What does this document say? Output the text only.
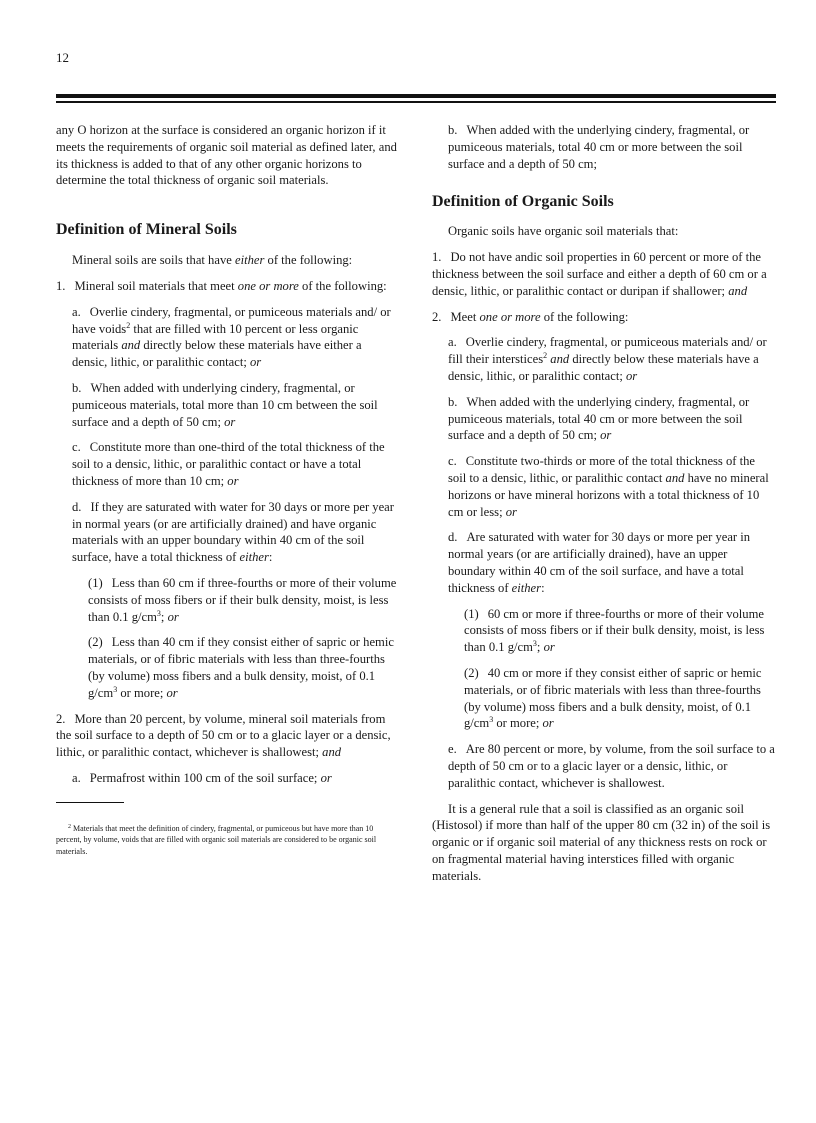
12

any O horizon at the surface is considered an organic horizon if it meets the requirements of organic soil material as defined later, and its thickness is added to that of any other organic horizons to determine the total thickness of organic soil materials.

Definition of Mineral Soils

Mineral soils are soils that have either of the following:

1. Mineral soil materials that meet one or more of the following:

a. Overlie cindery, fragmental, or pumiceous materials and/ or have voids$^2$ that are filled with 10 percent or less organic materials and directly below these materials have either a densic, lithic, or paralithic contact; or

b. When added with underlying cindery, fragmental, or pumiceous materials, total more than 10 cm between the soil surface and a depth of 50 cm; or

c. Constitute more than one-third of the total thickness of the soil to a densic, lithic, or paralithic contact or have a total thickness of more than 10 cm; or

d. If they are saturated with water for 30 days or more per year in normal years (or are artificially drained) and have organic materials with an upper boundary within 40 cm of the soil surface, have a total thickness of either:

(1) Less than 60 cm if three-fourths or more of their volume consists of moss fibers or if their bulk density, moist, is less than 0.1 $g/cm^3$; or

(2) Less than 40 cm if they consist either of sapric or hemic materials, or of fibric materials with less than three-fourths (by volume) moss fibers and a bulk density, moist, of 0.1 $g/cm^3$ or more; or

2. More than 20 percent, by volume, mineral soil materials from the soil surface to a depth of 50 cm or to a glacic layer or a densic, lithic, or paralithic contact, whichever is shallowest; and

a. Permafrost within 100 cm of the soil surface; or

$^2$ Materials that meet the definition of cindery, fragmental, or pumiceous but have more than 10 percent, by volume, voids that are filled with organic soil materials are considered to be organic soil materials.

b. When added with the underlying cindery, fragmental, or pumiceous materials, total 40 cm or more between the soil surface and a depth of 50 cm;

Definition of Organic Soils

Organic soils have organic soil materials that:

1. Do not have andic soil properties in 60 percent or more of the thickness between the soil surface and either a depth of 60 cm or a densic, lithic, or paralithic contact or duripan if shallower; and

2. Meet one or more of the following:

a. Overlie cindery, fragmental, or pumiceous materials and/ or fill their interstices$^2$ and directly below these materials have a densic, lithic, or paralithic contact; or

b. When added with the underlying cindery, fragmental, or pumiceous materials, total 40 cm or more between the soil surface and a depth of 50 cm; or

c. Constitute two-thirds or more of the total thickness of the soil to a densic, lithic, or paralithic contact and have no mineral horizons or have mineral horizons with a total thickness of 10 cm or less; or

d. Are saturated with water for 30 days or more per year in normal years (or are artificially drained), have an upper boundary within 40 cm of the soil surface, and have a total thickness of either:

(1) 60 cm or more if three-fourths or more of their volume consists of moss fibers or if their bulk density, moist, is less than 0.1 $g/cm^3$; or

(2) 40 cm or more if they consist either of sapric or hemic materials, or of fibric materials with less than three-fourths (by volume) moss fibers and a bulk density, moist, of 0.1 $g/cm^3$ or more; or

e. Are 80 percent or more, by volume, from the soil surface to a depth of 50 cm or to a glacic layer or a densic, lithic, or paralithic contact, whichever is shallowest.

It is a general rule that a soil is classified as an organic soil (Histosol) if more than half of the upper 80 cm (32 in) of the soil is organic or if organic soil material of any thickness rests on rock or on fragmental material having interstices filled with organic materials.
